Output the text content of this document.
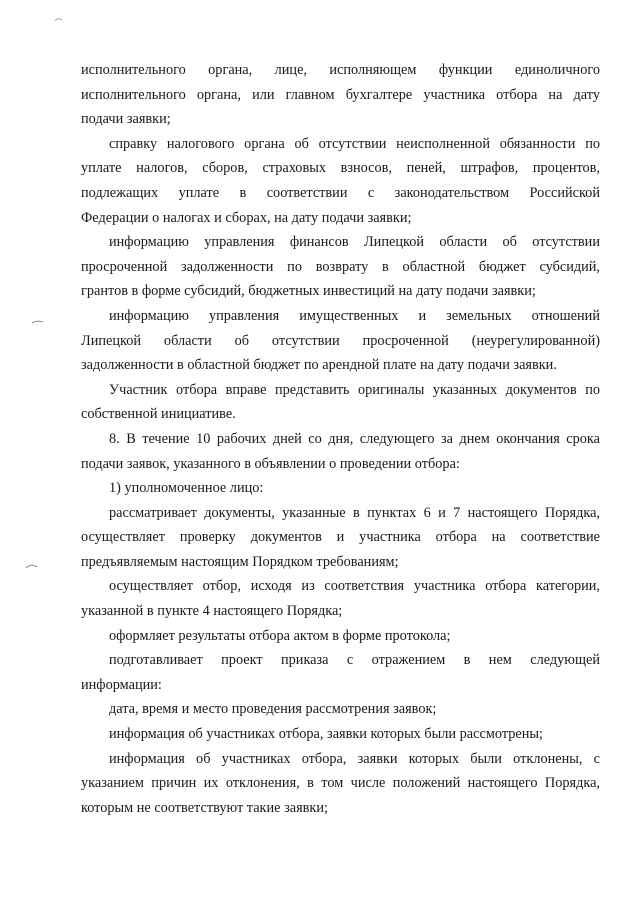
исполнительного органа, лице, исполняющем функции единоличного

исполнительного органа, или главном бухгалтере участника отбора на дату

подачи заявки;

справку налогового органа об отсутствии неисполненной обязанности по

уплате налогов, сборов, страховых взносов, пеней, штрафов, процентов,

подлежащих уплате в соответствии с законодательством Российской

Федерации о налогах и сборах, на дату подачи заявки;

информацию управления финансов Липецкой области об отсутствии

просроченной задолженности по возврату в областной бюджет субсидий,

грантов в форме субсидий, бюджетных инвестиций на дату подачи заявки;

информацию управления имущественных и земельных отношений

Липецкой области об отсутствии просроченной (неурегулированной)

задолженности в областной бюджет по арендной плате на дату подачи заявки.

Участник отбора вправе представить оригиналы указанных документов по

собственной инициативе.

8. В течение 10 рабочих дней со дня, следующего за днем окончания срока

подачи заявок, указанного в объявлении о проведении отбора:

1) уполномоченное лицо:

рассматривает документы, указанные в пунктах 6 и 7 настоящего Порядка,

осуществляет проверку документов и участника отбора на соответствие

предъявляемым настоящим Порядком требованиям;

осуществляет отбор, исходя из соответствия участника отбора категории,

указанной в пункте 4 настоящего Порядка;

оформляет результаты отбора актом в форме протокола;

подготавливает проект приказа с отражением в нем следующей

информации:

дата, время и место проведения рассмотрения заявок;

информация об участниках отбора, заявки которых были рассмотрены;

информация об участниках отбора, заявки которых были отклонены, с

указанием причин их отклонения, в том числе положений настоящего Порядка,

которым не соответствуют такие заявки;
